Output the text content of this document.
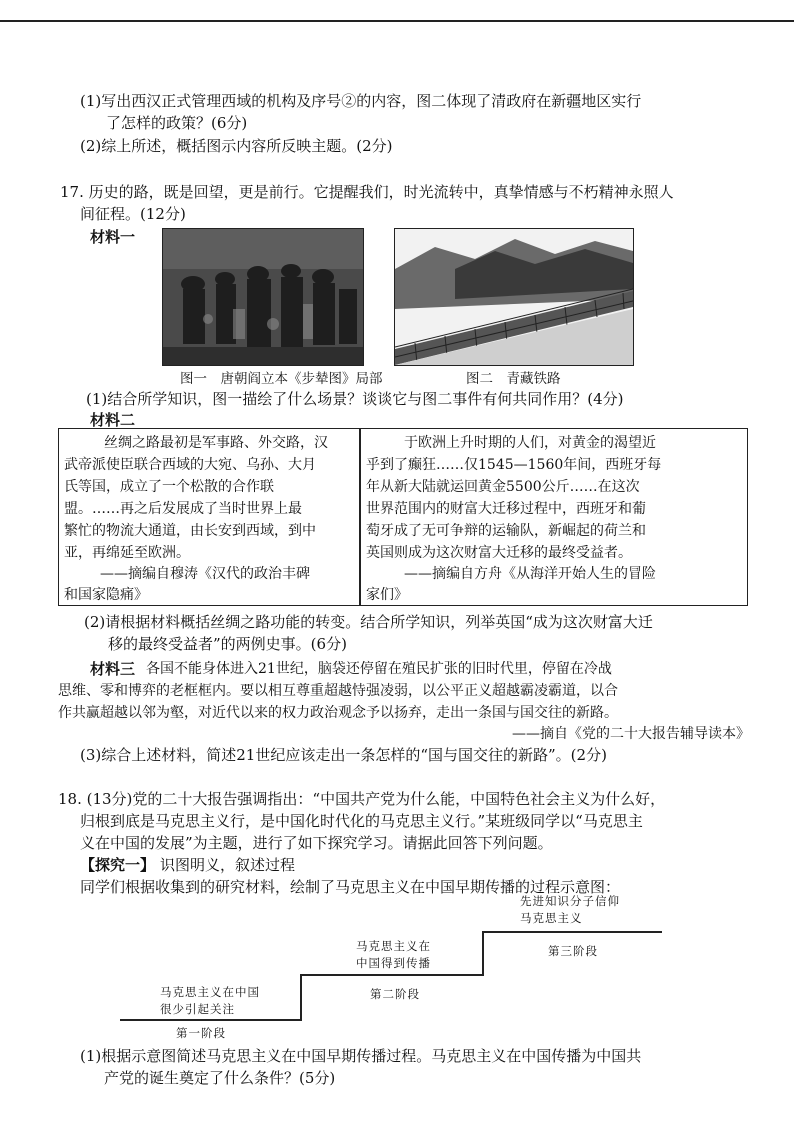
(1)写出西汉正式管理西域的机构及序号②的内容，图二体现了清政府在新疆地区实行
了怎样的政策？(6分)
(2)综上所述，概括图示内容所反映主题。(2分)
17. 历史的路，既是回望，更是前行。它提醒我们，时光流转中，真挚情感与不朽精神永照人
间征程。(12分)
材料一
图一　唐朝阎立本《步辇图》局部	图二　青藏铁路
(1)结合所学知识，图一描绘了什么场景？谈谈它与图二事件有何共同作用？(4分)
材料二
丝绸之路最初是军事路、外交路，汉
武帝派使臣联合西域的大宛、乌孙、大月
氏等国，成立了一个松散的合作联
盟。……再之后发展成了当时世界上最
繁忙的物流大通道，由长安到西域，到中
亚，再绵延至欧洲。
——摘编自穆涛《汉代的政治丰碑
和国家隐痛》
于欧洲上升时期的人们，对黄金的渴望近
乎到了癫狂……仅1545—1560年间，西班牙每
年从新大陆就运回黄金5500公斤……在这次
世界范围内的财富大迁移过程中，西班牙和葡
萄牙成了无可争辩的运输队，新崛起的荷兰和
英国则成为这次财富大迁移的最终受益者。
——摘编自方舟《从海洋开始人生的冒险
家们》
(2)请根据材料概括丝绸之路功能的转变。结合所学知识，列举英国“成为这次财富大迁
移的最终受益者”的两例史事。(6分)
材料三 各国不能身体进入21世纪，脑袋还停留在殖民扩张的旧时代里，停留在冷战
思维、零和博弈的老框框内。要以相互尊重超越恃强凌弱，以公平正义超越霸凌霸道，以合
作共赢超越以邻为壑，对近代以来的权力政治观念予以扬弃，走出一条国与国交往的新路。
——摘自《党的二十大报告辅导读本》
(3)综合上述材料，简述21世纪应该走出一条怎样的“国与国交往的新路”。(2分)
18. (13分)党的二十大报告强调指出：“中国共产党为什么能，中国特色社会主义为什么好，
归根到底是马克思主义行，是中国化时代化的马克思主义行。”某班级同学以“马克思主
义在中国的发展”为主题，进行了如下探究学习。请据此回答下列问题。
【探究一】 识图明义，叙述过程
同学们根据收集到的研究材料，绘制了马克思主义在中国早期传播的过程示意图：
马克思主义在中国
很少引起关注
第一阶段
马克思主义在
中国得到传播
第二阶段
先进知识分子信仰
马克思主义
第三阶段
(1)根据示意图简述马克思主义在中国早期传播过程。马克思主义在中国传播为中国共
产党的诞生奠定了什么条件？(5分)
